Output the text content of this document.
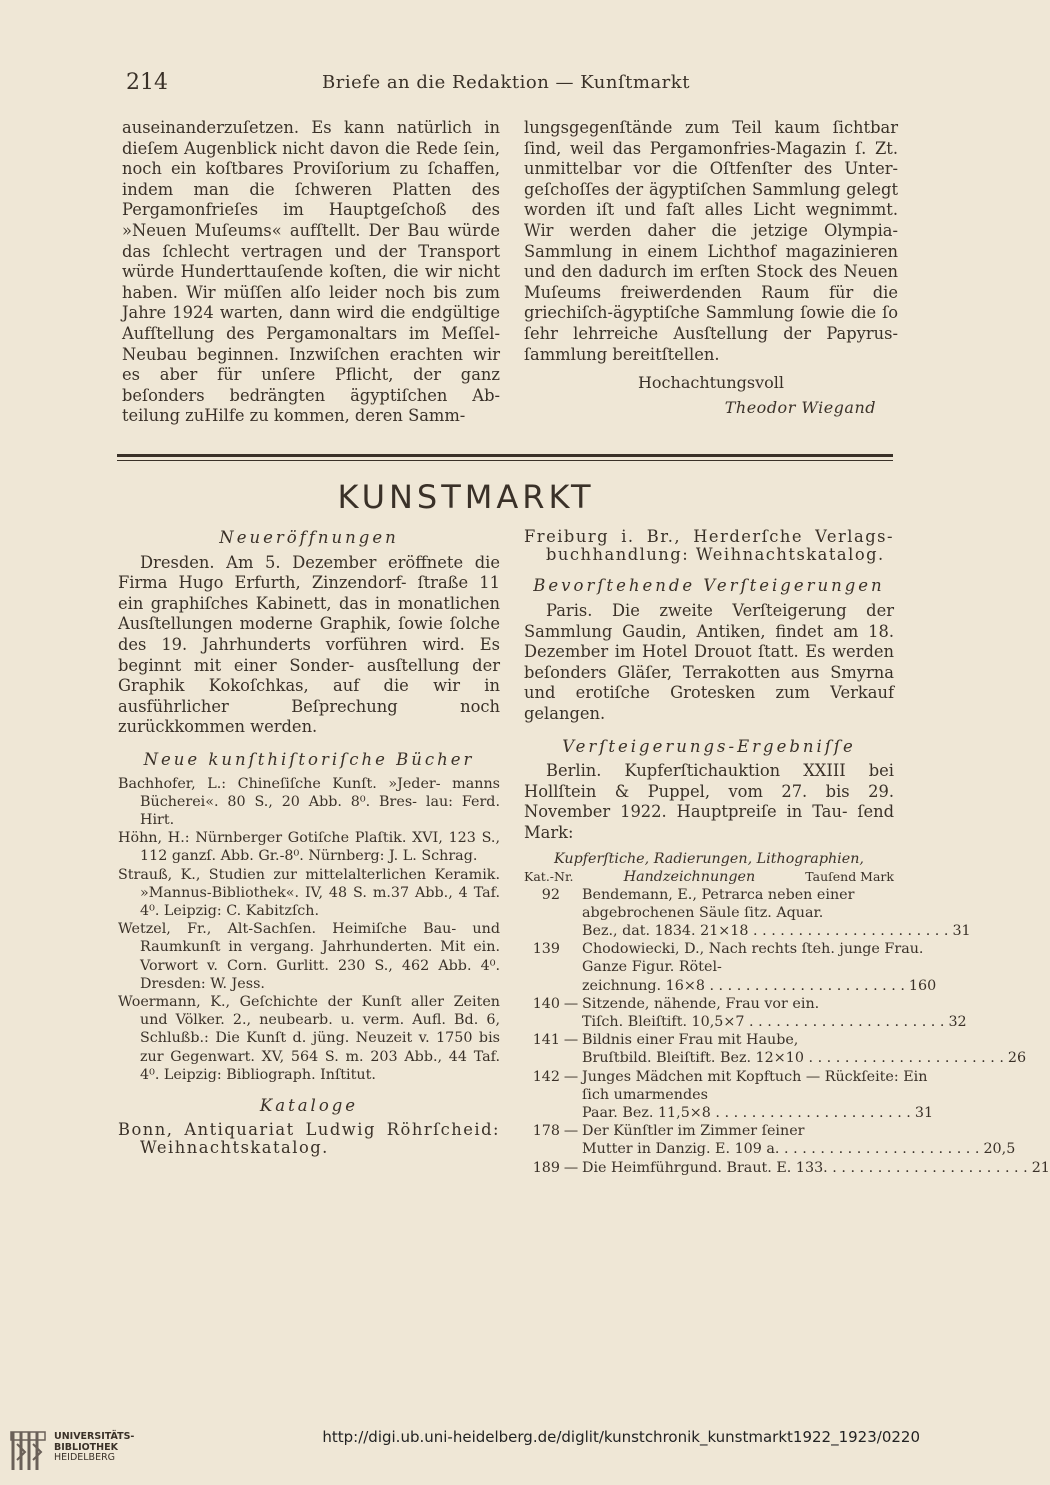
214	Briefe an die Redaktion — Kunſtmarkt

auseinanderzuſetzen. Es kann natürlich in dieſem Augenblick nicht davon die Rede ſein, noch ein koſtbares Proviſorium zu ſchaffen, indem man die ſchweren Platten des Pergamonfrieſes im Hauptgeſchoß des »Neuen Muſeums« aufſtellt. Der Bau würde das ſchlecht vertragen und der Transport würde Hunderttauſende koſten, die wir nicht haben. Wir müſſen alſo leider noch bis zum Jahre 1924 warten, dann wird die endgültige Aufſtellung des Pergamonaltars im Meſſel-Neubau beginnen. Inzwiſchen erachten wir es aber für unſere Pflicht, der ganz beſonders bedrängten ägyptiſchen Ab- teilung zuHilfe zu kommen, deren Samm-

lungsgegenſtände zum Teil kaum ſichtbar ſind, weil das Pergamonfries-Magazin ſ. Zt. unmittelbar vor die Oſtfenſter des Unter- geſchoſſes der ägyptiſchen Sammlung gelegt worden iſt und faſt alles Licht wegnimmt. Wir werden daher die jetzige Olympia- Sammlung in einem Lichthof magazinieren und den dadurch im erſten Stock des Neuen Muſeums freiwerdenden Raum für die griechiſch-ägyptiſche Sammlung ſowie die ſo ſehr lehrreiche Ausſtellung der Papyrus- ſammlung bereitſtellen.

Hochachtungsvoll

Theodor Wiegand

KUNSTMARKT

Neueröffnungen

Dresden. Am 5. Dezember eröffnete die Firma Hugo Erfurth, Zinzendorf- ſtraße 11 ein graphiſches Kabinett, das in monatlichen Ausſtellungen moderne Graphik, ſowie ſolche des 19. Jahrhunderts vorführen wird. Es beginnt mit einer Sonder- ausſtellung der Graphik Kokoſchkas, auf die wir in ausführlicher Beſprechung noch zurückkommen werden.

Neue kunſthiſtoriſche Bücher

Bachhofer, L.: Chineſiſche Kunſt. »Jeder- manns Bücherei«. 80 S., 20 Abb. 8⁰. Bres- lau: Ferd. Hirt.

Höhn, H.: Nürnberger Gotiſche Plaſtik. XVI, 123 S., 112 ganzſ. Abb. Gr.-8⁰. Nürnberg: J. L. Schrag.

Strauß, K., Studien zur mittelalterlichen Keramik. »Mannus-Bibliothek«. IV, 48 S. m.37 Abb., 4 Taf. 4⁰. Leipzig: C. Kabitzſch.

Wetzel, Fr., Alt-Sachſen. Heimiſche Bau- und Raumkunſt in vergang. Jahrhunderten. Mit ein. Vorwort v. Corn. Gurlitt. 230 S., 462 Abb. 4⁰. Dresden: W. Jess.

Woermann, K., Geſchichte der Kunſt aller Zeiten und Völker. 2., neubearb. u. verm. Aufl. Bd. 6, Schlußb.: Die Kunſt d. jüng. Neuzeit v. 1750 bis zur Gegenwart. XV, 564 S. m. 203 Abb., 44 Taf. 4⁰. Leipzig: Bibliograph. Inſtitut.

Kataloge

Bonn, Antiquariat Ludwig Röhrſcheid: Weihnachtskatalog.

Freiburg i. Br., Herderſche Verlags- buchhandlung: Weihnachtskatalog.

Bevorſtehende Verſteigerungen

Paris. Die zweite Verſteigerung der Sammlung Gaudin, Antiken, findet am 18. Dezember im Hotel Drouot ſtatt. Es werden beſonders Gläſer, Terrakotten aus Smyrna und erotiſche Grotesken zum Verkauf gelangen.

Verſteigerungs-Ergebniſſe

Berlin. Kupferſtichauktion XXIII bei Hollſtein & Puppel, vom 27. bis 29. November 1922. Hauptpreiſe in Tau- ſend Mark:

Kupferſtiche, Radierungen, Lithographien,

Kat.-Nr.	Handzeichnungen	Tauſend Mark
92 Bendemann, E., Petrarca neben einer abgebrochenen Säule ſitz. Aquar.
Bez., dat. 1834. 21×18 . . . . . . . . . . . . . . . . . . . . . . 31
139 Chodowiecki, D., Nach rechts ſteh. junge Frau. Ganze Figur. Rötel-
zeichnung. 16×8 . . . . . . . . . . . . . . . . . . . . . . 160
140 — Sitzende, nähende, Frau vor ein.
Tiſch. Bleiſtift. 10,5×7 . . . . . . . . . . . . . . . . . . . . . . 32
141 — Bildnis einer Frau mit Haube,
Bruſtbild. Bleiſtift. Bez. 12×10 . . . . . . . . . . . . . . . . . . . . . . 26
142 — Junges Mädchen mit Kopftuch — Rückſeite: Ein ſich umarmendes
Paar. Bez. 11,5×8 . . . . . . . . . . . . . . . . . . . . . . 31
178 — Der Künſtler im Zimmer ſeiner
Mutter in Danzig. E. 109 a. . . . . . . . . . . . . . . . . . . . . . . 20,5
189 — Die Heimführgund. Braut. E. 133. . . . . . . . . . . . . . . . . . . . . . . 21
UNIVERSITÄTS-
BIBLIOTHEK
HEIDELBERG
http://digi.ub.uni-heidelberg.de/diglit/kunstchronik_kunstmarkt1922_1923/0220
